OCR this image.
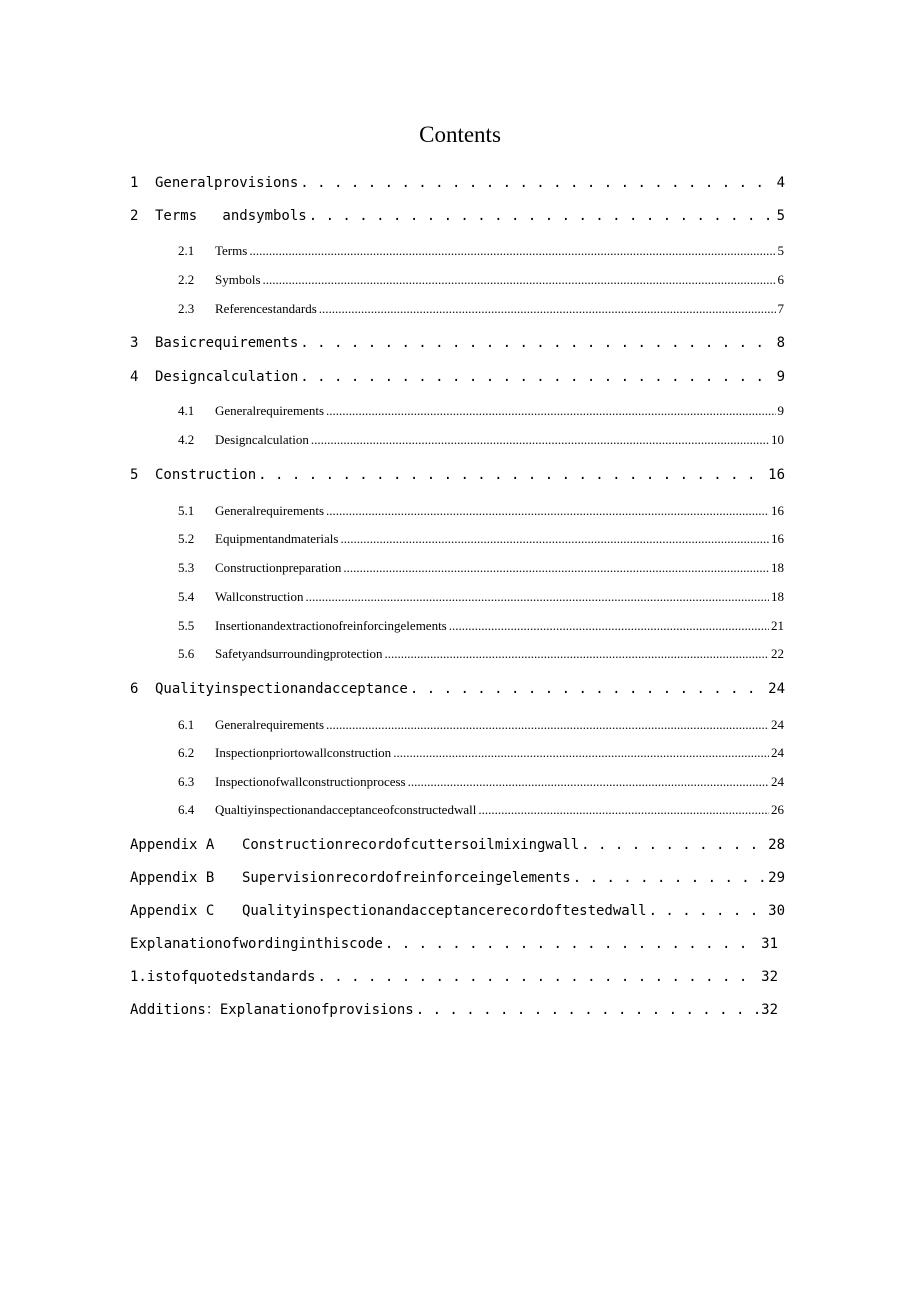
Contents
1	Generalprovisions . . .	4
2	Terms   andsymbols . . .	5
2.1	Terms .....	5
2.2	Symbols .....	6
2.3	Referencestandards .....	7
3	Basicrequirements . . .	8
4	Designcalculation . . .	9
4.1	Generalrequirements .....	9
4.2	Designcalculation .....	10
5	Construction . . .	16
5.1	Generalrequirements .....	16
5.2	Equipmentandmaterials .....	16
5.3	Constructionpreparation .....	18
5.4	Wallconstruction .....	18
5.5	Insertionandextractionofreinforcingelements .....	21
5.6	Safetyandsurroundingprotection .....	22
6	Qualityinspectionandacceptance . . .	24
6.1	Generalrequirements .....	24
6.2	Inspectionpriortowallconstruction .....	24
6.3	Inspectionofwallconstructionprocess .....	24
6.4	Qualtiyinspectionandacceptanceofconstructedwall .....	26
Appendix A	Constructionrecordofcuttersoilmixingwall . . .	28
Appendix B	Supervisionrecordofreinforceingelements . . .	29
Appendix C	Qualityinspectionandacceptancerecordoftestedwall . . .	30
Explanationofwordinginthiscode . . .	31
1.istofquotedstandards . . .	32
Additions：Explanationofprovisions . . .	32
